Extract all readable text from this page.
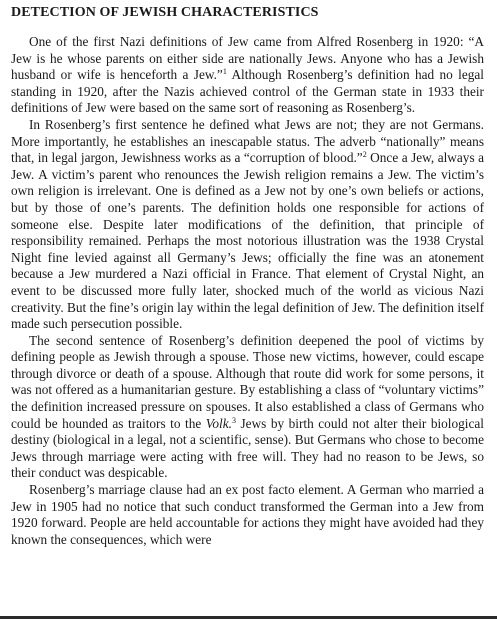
DETECTION OF JEWISH CHARACTERISTICS

One of the first Nazi definitions of Jew came from Alfred Rosenberg in 1920: “A Jew is he whose parents on either side are nationally Jews. Anyone who has a Jewish husband or wife is henceforth a Jew.”$^1$ Although Rosenberg’s definition had no legal standing in 1920, after the Nazis achieved control of the German state in 1933 their definitions of Jew were based on the same sort of reasoning as Rosenberg’s.

In Rosenberg’s first sentence he defined what Jews are not; they are not Germans. More importantly, he establishes an inescapable status. The adverb “nationally” means that, in legal jargon, Jewishness works as a “corruption of blood.”$^2$ Once a Jew, always a Jew. A victim’s parent who renounces the Jewish religion remains a Jew. The victim’s own religion is irrelevant. One is defined as a Jew not by one’s own beliefs or actions, but by those of one’s parents. The definition holds one responsible for actions of someone else. Despite later modifications of the definition, that principle of responsibility remained. Perhaps the most notorious illustration was the 1938 Crystal Night fine levied against all Germany’s Jews; officially the fine was an atonement because a Jew murdered a Nazi official in France. That element of Crystal Night, an event to be discussed more fully later, shocked much of the world as vicious Nazi creativity. But the fine’s origin lay within the legal definition of Jew. The definition itself made such persecution possible.

The second sentence of Rosenberg’s definition deepened the pool of victims by defining people as Jewish through a spouse. Those new victims, however, could escape through divorce or death of a spouse. Although that route did work for some persons, it was not offered as a humanitarian gesture. By establishing a class of “voluntary victims” the definition increased pressure on spouses. It also established a class of Germans who could be hounded as traitors to the Volk.$^3$ Jews by birth could not alter their biological destiny (biological in a legal, not a scientific, sense). But Germans who chose to become Jews through marriage were acting with free will. They had no reason to be Jews, so their conduct was despicable.

Rosenberg’s marriage clause had an ex post facto element. A German who married a Jew in 1905 had no notice that such conduct transformed the German into a Jew from 1920 forward. People are held accountable for actions they might have avoided had they known the consequences, which were
